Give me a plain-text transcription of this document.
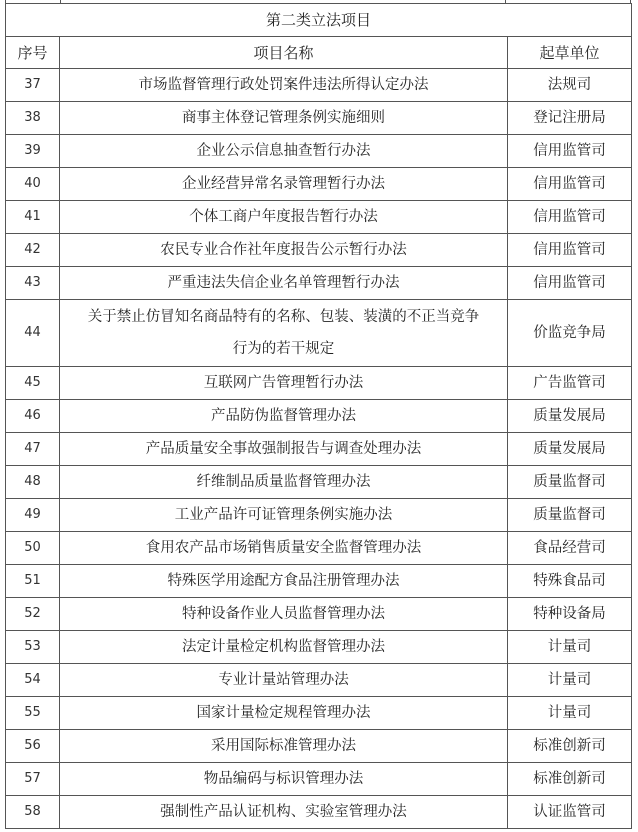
第二类立法项目		
序号	项目名称	起草单位
37	市场监督管理行政处罚案件违法所得认定办法	法规司
38	商事主体登记管理条例实施细则	登记注册局
39	企业公示信息抽查暂行办法	信用监管司
40	企业经营异常名录管理暂行办法	信用监管司
41	个体工商户年度报告暂行办法	信用监管司
42	农民专业合作社年度报告公示暂行办法	信用监管司
43	严重违法失信企业名单管理暂行办法	信用监管司
44	关于禁止仿冒知名商品特有的名称、包装、装潢的不正当竞争
行为的若干规定	价监竞争局
45	互联网广告管理暂行办法	广告监管司
46	产品防伪监督管理办法	质量发展局
47	产品质量安全事故强制报告与调查处理办法	质量发展局
48	纤维制品质量监督管理办法	质量监督司
49	工业产品许可证管理条例实施办法	质量监督司
50	食用农产品市场销售质量安全监督管理办法	食品经营司
51	特殊医学用途配方食品注册管理办法	特殊食品司
52	特种设备作业人员监督管理办法	特种设备局
53	法定计量检定机构监督管理办法	计量司
54	专业计量站管理办法	计量司
55	国家计量检定规程管理办法	计量司
56	采用国际标准管理办法	标准创新司
57	物品编码与标识管理办法	标准创新司
58	强制性产品认证机构、实验室管理办法	认证监管司
